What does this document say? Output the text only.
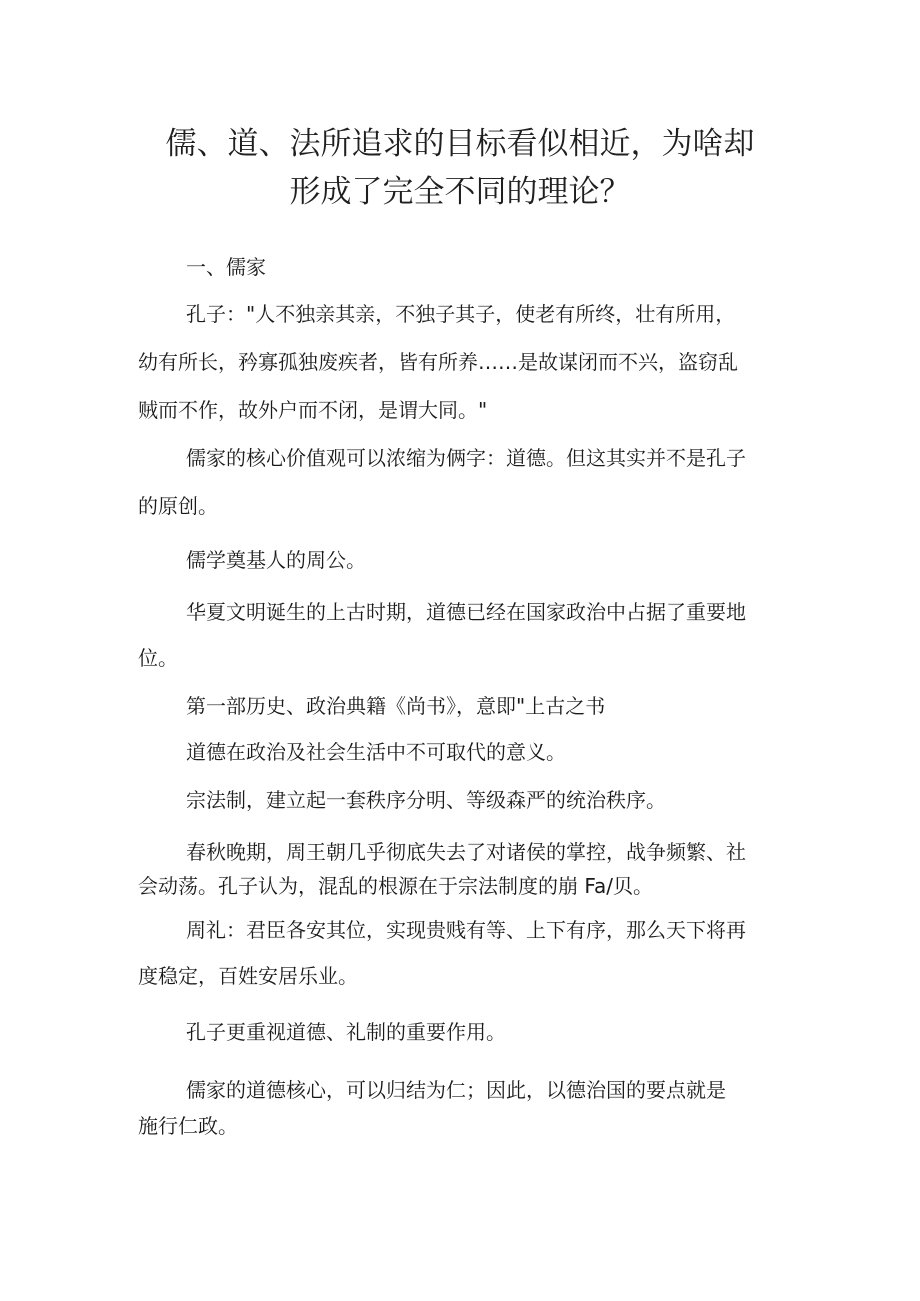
儒、道、法所追求的目标看似相近，为啥却
形成了完全不同的理论？

一、儒家

孔子："人不独亲其亲，不独子其子，使老有所终，壮有所用，

幼有所长，矜寡孤独废疾者，皆有所养……是故谋闭而不兴，盗窃乱

贼而不作，故外户而不闭，是谓大同。"

儒家的核心价值观可以浓缩为俩字：道德。但这其实并不是孔子

的原创。

儒学奠基人的周公。

华夏文明诞生的上古时期，道德已经在国家政治中占据了重要地

位。

第一部历史、政治典籍《尚书》，意即"上古之书

道德在政治及社会生活中不可取代的意义。

宗法制，建立起一套秩序分明、等级森严的统治秩序。

春秋晚期，周王朝几乎彻底失去了对诸侯的掌控，战争频繁、社

会动荡。孔子认为，混乱的根源在于宗法制度的崩 Fa/贝。

周礼：君臣各安其位，实现贵贱有等、上下有序，那么天下将再

度稳定，百姓安居乐业。

孔子更重视道德、礼制的重要作用。

儒家的道德核心，可以归结为仁；因此，以德治国的要点就是

施行仁政。
